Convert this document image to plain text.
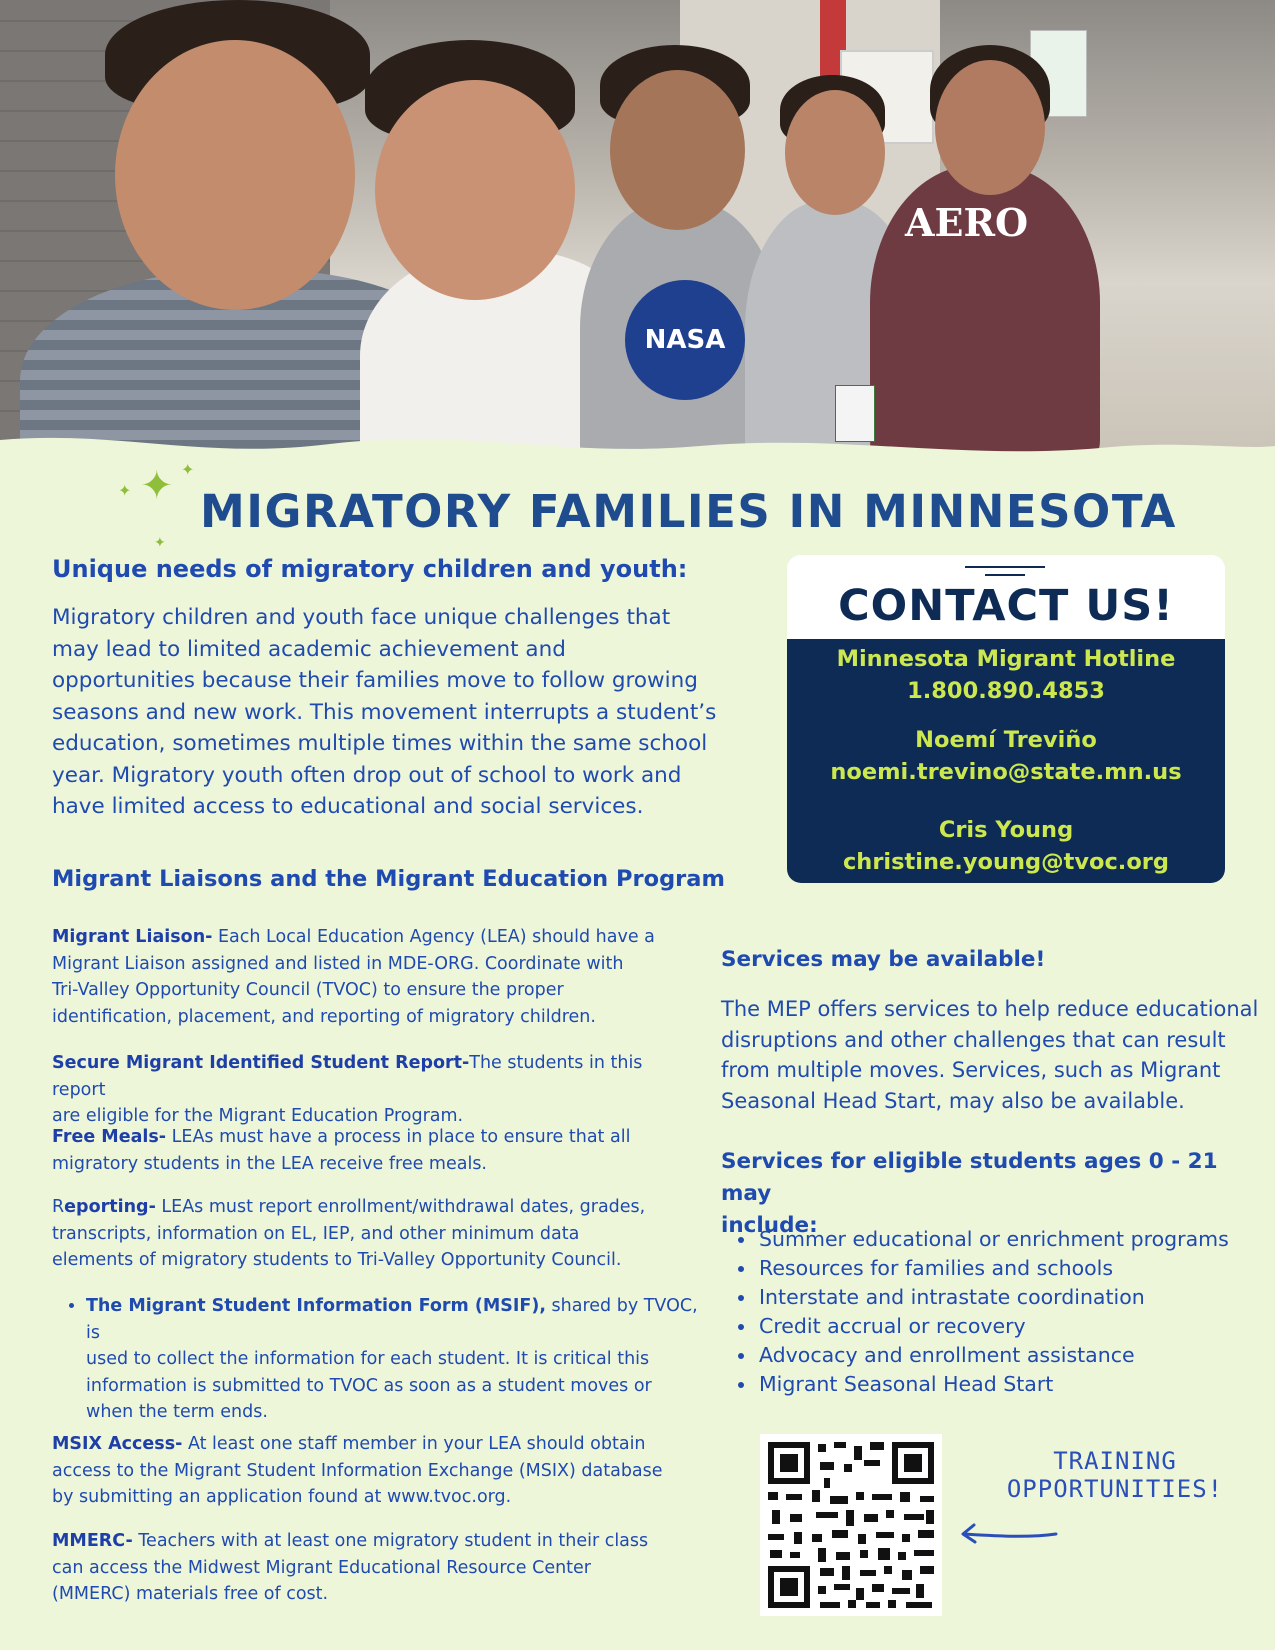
NASA
AERO
✦
✦
✦
✦
MIGRATORY FAMILIES IN MINNESOTA
Unique needs of migratory children and youth:
Migratory children and youth face unique challenges that
may lead to limited academic achievement and
opportunities because their families move to follow growing
seasons and new work. This movement interrupts a student’s
education, sometimes multiple times within the same school
year. Migratory youth often drop out of school to work and
have limited access to educational and social services.
Migrant Liaisons and the Migrant Education Program
Migrant Liaison- Each Local Education Agency (LEA) should have a
Migrant Liaison assigned and listed in MDE-ORG. Coordinate with
Tri-Valley Opportunity Council (TVOC) to ensure the proper
identification, placement, and reporting of migratory children.
Secure Migrant Identified Student Report-The students in this report
are eligible for the Migrant Education Program.
Free Meals- LEAs must have a process in place to ensure that all
migratory students in the LEA receive free meals.
Reporting- LEAs must report enrollment/withdrawal dates, grades,
transcripts, information on EL, IEP, and other minimum data
elements of migratory students to Tri-Valley Opportunity Council.
• The Migrant Student Information Form (MSIF), shared by TVOC, is
used to collect the information for each student. It is critical this
information is submitted to TVOC as soon as a student moves or
when the term ends.
MSIX Access- At least one staff member in your LEA should obtain
access to the Migrant Student Information Exchange (MSIX) database
by submitting an application found at www.tvoc.org.
MMERC- Teachers with at least one migratory student in their class
can access the Midwest Migrant Educational Resource Center
(MMERC) materials free of cost.
CONTACT US!
Minnesota Migrant Hotline
1.800.890.4853
Noemí Treviño
noemi.trevino@state.mn.us
Cris Young
christine.young@tvoc.org
Services may be available!
The MEP offers services to help reduce educational
disruptions and other challenges that can result
from multiple moves. Services, such as Migrant
Seasonal Head Start, may also be available.
Services for eligible students ages 0 - 21 may
include:
• Summer educational or enrichment programs
• Resources for families and schools
• Interstate and intrastate coordination
• Credit accrual or recovery
• Advocacy and enrollment assistance
• Migrant Seasonal Head Start
TRAINING
OPPORTUNITIES!
